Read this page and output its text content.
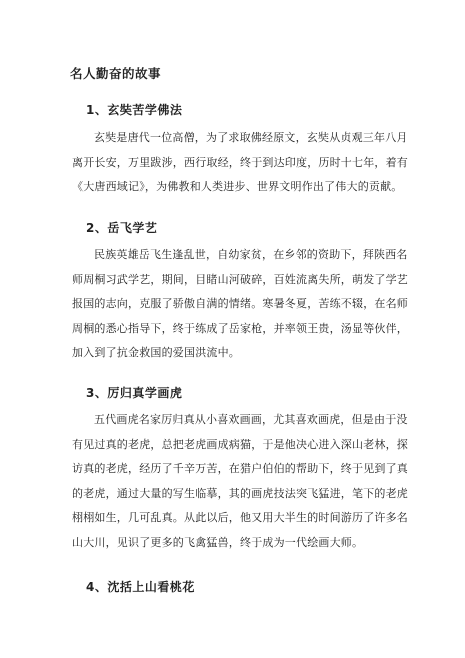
名人勤奋的故事
1、玄奘苦学佛法
玄奘是唐代一位高僧，为了求取佛经原文，玄奘从贞观三年八月
离开长安，万里跋涉，西行取经，终于到达印度，历时十七年，着有
《大唐西域记》，为佛教和人类进步、世界文明作出了伟大的贡献。
2、岳飞学艺
民族英雄岳飞生逢乱世，自幼家贫，在乡邻的资助下，拜陕西名
师周桐习武学艺，期间，目睹山河破碎，百姓流离失所，萌发了学艺
报国的志向，克服了骄傲自满的情绪。寒暑冬夏，苦练不辍，在名师
周桐的悉心指导下，终于练成了岳家枪，并率领王贵，汤显等伙伴，
加入到了抗金救国的爱国洪流中。
3、厉归真学画虎
五代画虎名家厉归真从小喜欢画画，尤其喜欢画虎，但是由于没
有见过真的老虎，总把老虎画成病猫，于是他决心进入深山老林，探
访真的老虎，经历了千辛万苦，在猎户伯伯的帮助下，终于见到了真
的老虎，通过大量的写生临摹，其的画虎技法突飞猛进，笔下的老虎
栩栩如生，几可乱真。从此以后，他又用大半生的时间游历了许多名
山大川，见识了更多的飞禽猛兽，终于成为一代绘画大师。
4、沈括上山看桃花
